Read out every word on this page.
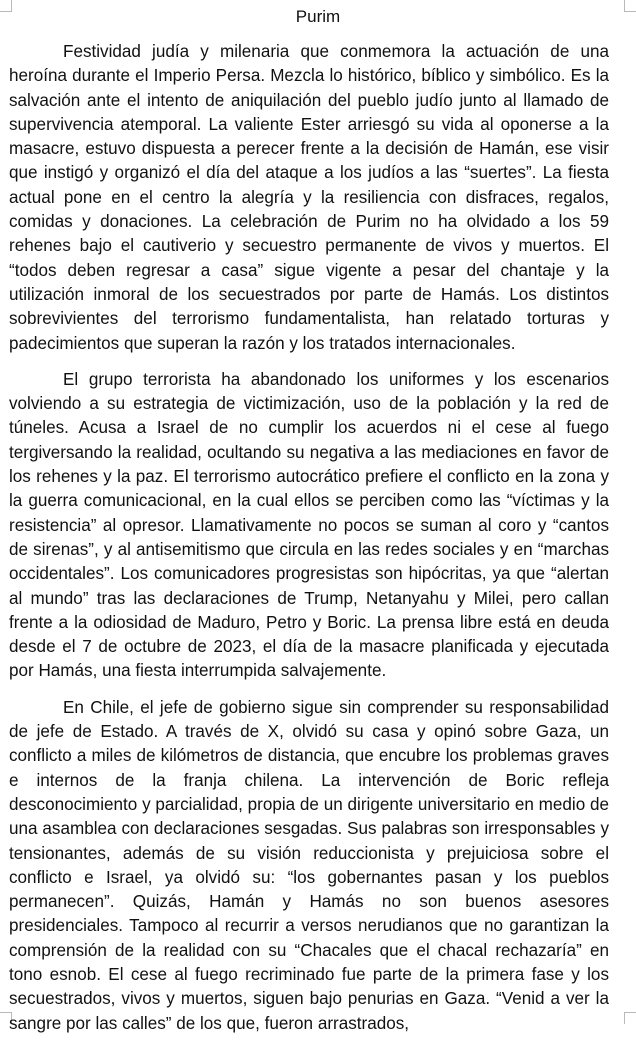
Purim

Festividad judía y milenaria que conmemora la actuación de una heroína durante el Imperio Persa. Mezcla lo histórico, bíblico y simbólico. Es la salvación ante el intento de aniquilación del pueblo judío junto al llamado de supervivencia atemporal. La valiente Ester arriesgó su vida al oponerse a la masacre, estuvo dispuesta a perecer frente a la decisión de Hamán, ese visir que instigó y organizó el día del ataque a los judíos a las “suertes”. La fiesta actual pone en el centro la alegría y la resiliencia con disfraces, regalos, comidas y donaciones. La celebración de Purim no ha olvidado a los 59 rehenes bajo el cautiverio y secuestro permanente de vivos y muertos. El “todos deben regresar a casa” sigue vigente a pesar del chantaje y la utilización inmoral de los secuestrados por parte de Hamás. Los distintos sobrevivientes del terrorismo fundamentalista, han relatado torturas y padecimientos que superan la razón y los tratados internacionales.

El grupo terrorista ha abandonado los uniformes y los escenarios volviendo a su estrategia de victimización, uso de la población y la red de túneles. Acusa a Israel de no cumplir los acuerdos ni el cese al fuego tergiversando la realidad, ocultando su negativa a las mediaciones en favor de los rehenes y la paz. El terrorismo autocrático prefiere el conflicto en la zona y la guerra comunicacional, en la cual ellos se perciben como las “víctimas y la resistencia” al opresor. Llamativamente no pocos se suman al coro y “cantos de sirenas”, y al antisemitismo que circula en las redes sociales y en “marchas occidentales”. Los comunicadores progresistas son hipócritas, ya que “alertan al mundo” tras las declaraciones de Trump, Netanyahu y Milei, pero callan frente a la odiosidad de Maduro, Petro y Boric. La prensa libre está en deuda desde el 7 de octubre de 2023, el día de la masacre planificada y ejecutada por Hamás, una fiesta interrumpida salvajemente.

En Chile, el jefe de gobierno sigue sin comprender su responsabilidad de jefe de Estado. A través de X, olvidó su casa y opinó sobre Gaza, un conflicto a miles de kilómetros de distancia, que encubre los problemas graves e internos de la franja chilena. La intervención de Boric refleja desconocimiento y parcialidad, propia de un dirigente universitario en medio de una asamblea con declaraciones sesgadas. Sus palabras son irresponsables y tensionantes, además de su visión reduccionista y prejuiciosa sobre el conflicto e Israel, ya olvidó su: “los gobernantes pasan y los pueblos permanecen”. Quizás, Hamán y Hamás no son buenos asesores presidenciales. Tampoco al recurrir a versos nerudianos que no garantizan la comprensión de la realidad con su “Chacales que el chacal rechazaría” en tono esnob. El cese al fuego recriminado fue parte de la primera fase y los secuestrados, vivos y muertos, siguen bajo penurias en Gaza. “Venid a ver la sangre por las calles” de los que, fueron arrastrados,
